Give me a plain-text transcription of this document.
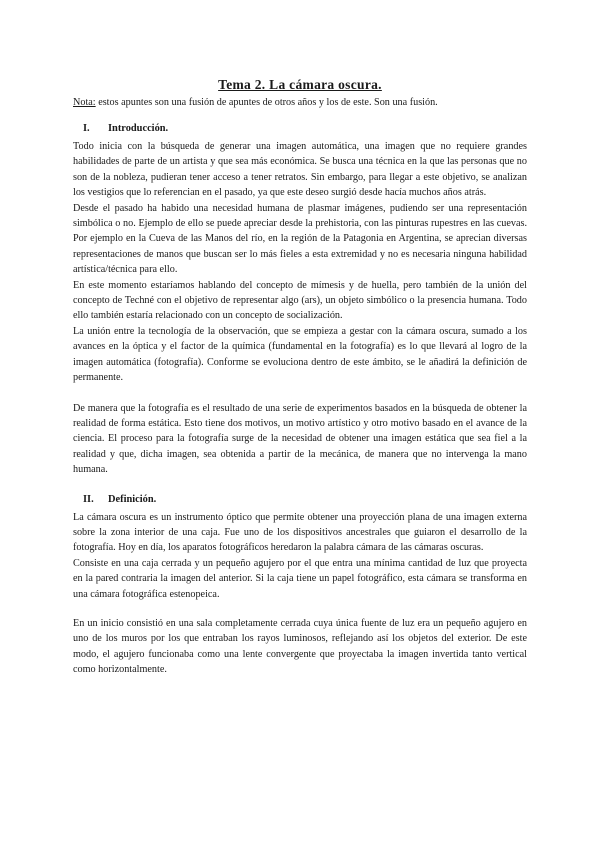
Tema 2. La cámara oscura.

Nota: estos apuntes son una fusión de apuntes de otros años y los de este. Son una fusión.

I.	Introducción.

Todo inicia con la búsqueda de generar una imagen automática, una imagen que no requiere grandes habilidades de parte de un artista y que sea más económica. Se busca una técnica en la que las personas que no son de la nobleza, pudieran tener acceso a tener retratos. Sin embargo, para llegar a este objetivo, se analizan los vestigios que lo referencian en el pasado, ya que este deseo surgió desde hacía muchos años atrás.

Desde el pasado ha habido una necesidad humana de plasmar imágenes, pudiendo ser una representación simbólica o no. Ejemplo de ello se puede apreciar desde la prehistoria, con las pinturas rupestres en las cuevas. Por ejemplo en la Cueva de las Manos del río, en la región de la Patagonia en Argentina, se aprecian diversas representaciones de manos que buscan ser lo más fieles a esta extremidad y no es necesaria ninguna habilidad artística/técnica para ello.

En este momento estaríamos hablando del concepto de mímesis y de huella, pero también de la unión del concepto de Techné con el objetivo de representar algo (ars), un objeto simbólico o la presencia humana. Todo ello también estaría relacionado con un concepto de socialización.

La unión entre la tecnología de la observación, que se empieza a gestar con la cámara oscura, sumado a los avances en la óptica y el factor de la química (fundamental en la fotografía) es lo que llevará al logro de la imagen automática (fotografía). Conforme se evoluciona dentro de este ámbito, se le añadirá la definición de permanente.

De manera que la fotografía es el resultado de una serie de experimentos basados en la búsqueda de obtener la realidad de forma estática. Esto tiene dos motivos, un motivo artístico y otro motivo basado en el avance de la ciencia. El proceso para la fotografía surge de la necesidad de obtener una imagen estática que sea fiel a la realidad y que, dicha imagen, sea obtenida a partir de la mecánica, de manera que no intervenga la mano humana.

II.	Definición.

La cámara oscura es un instrumento óptico que permite obtener una proyección plana de una imagen externa sobre la zona interior de una caja. Fue uno de los dispositivos ancestrales que guiaron el desarrollo de la fotografía. Hoy en día, los aparatos fotográficos heredaron la palabra cámara de las cámaras oscuras.

Consiste en una caja cerrada y un pequeño agujero por el que entra una mínima cantidad de luz que proyecta en la pared contraria la imagen del anterior. Si la caja tiene un papel fotográfico, esta cámara se transforma en una cámara fotográfica estenopeica.

En un inicio consistió en una sala completamente cerrada cuya única fuente de luz era un pequeño agujero en uno de los muros por los que entraban los rayos luminosos, reflejando así los objetos del exterior. De este modo, el agujero funcionaba como una lente convergente que proyectaba la imagen invertida tanto vertical como horizontalmente.
